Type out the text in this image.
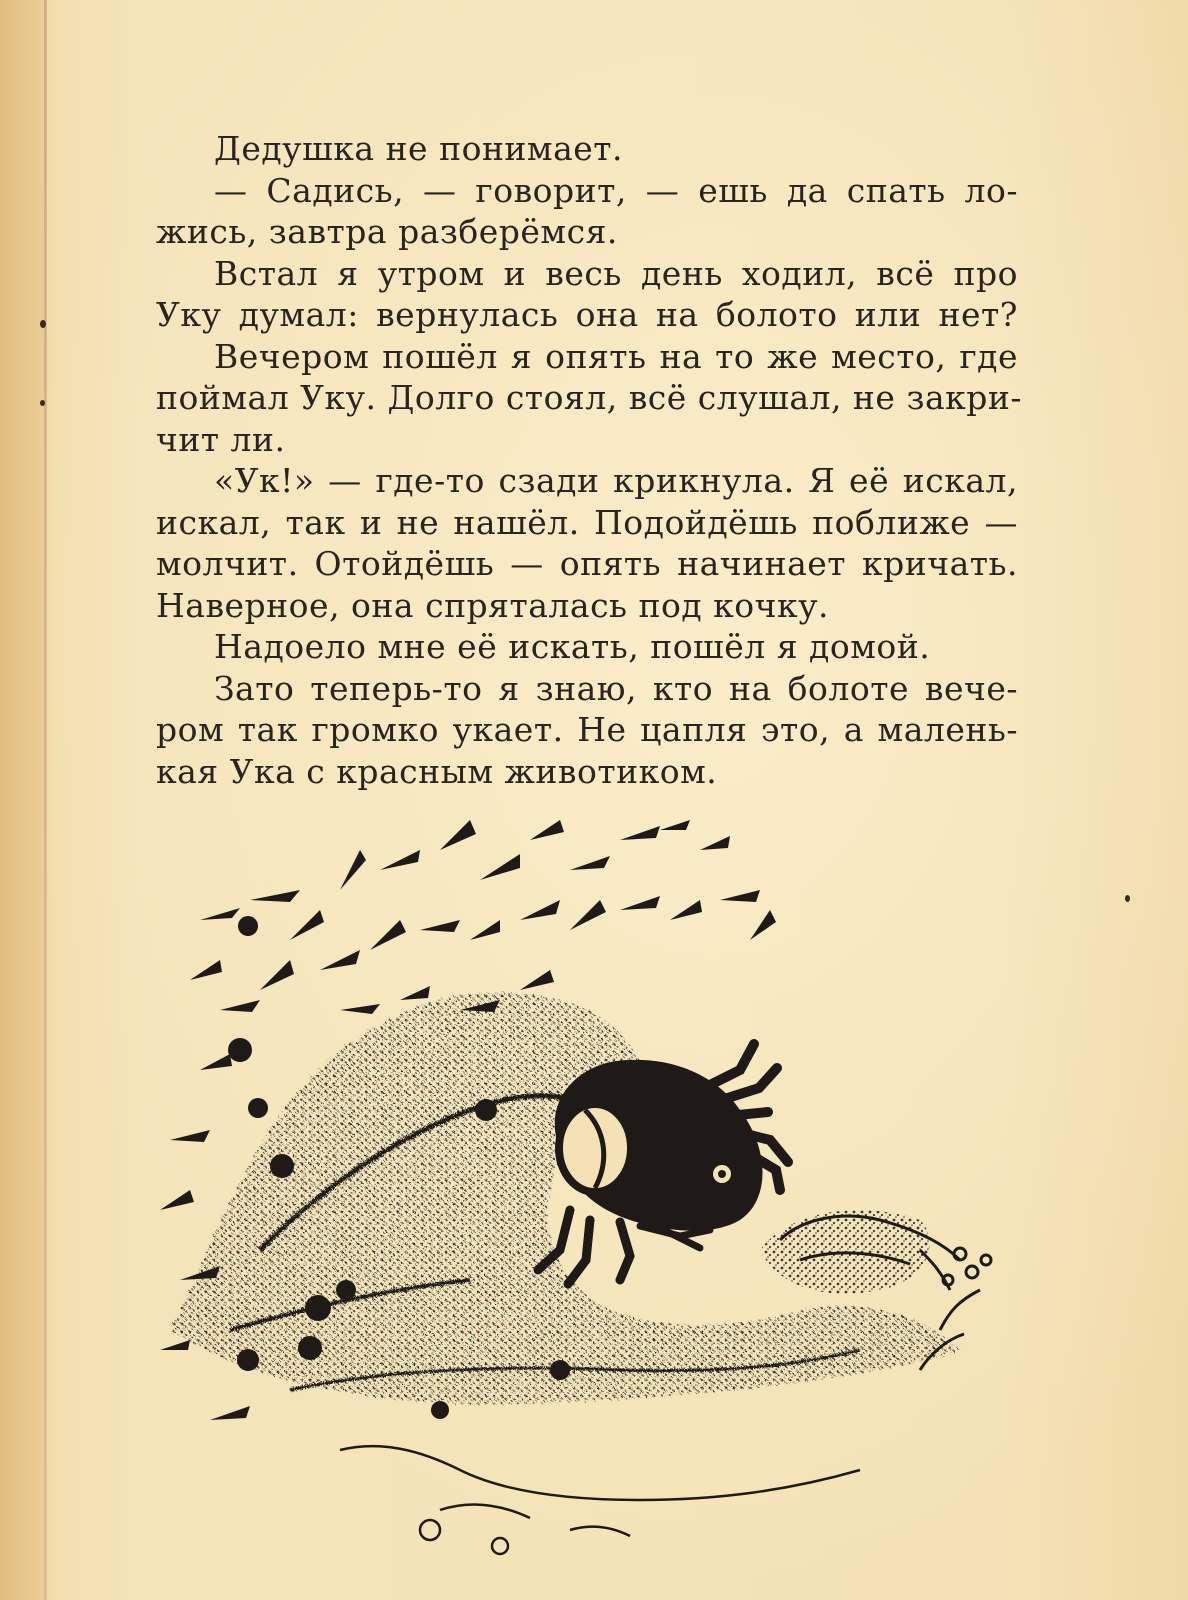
Дедушка не понимает.
— Садись, — говорит, — ешь да спать ло-
жись, завтра разберёмся.
Встал я утром и весь день ходил, всё про
Уку думал: вернулась она на болото или нет?
Вечером пошёл я опять на то же место, где
поймал Уку. Долго стоял, всё слушал, не закри-
чит ли.
«Ук!» — где-то сзади крикнула. Я её искал,
искал, так и не нашёл. Подойдёшь поближе —
молчит. Отойдёшь — опять начинает кричать.
Наверное, она спряталась под кочку.
Надоело мне её искать, пошёл я домой.
Зато теперь-то я знаю, кто на болоте вече-
ром так громко укает. Не цапля это, а малень-
кая Ука с красным животиком.
